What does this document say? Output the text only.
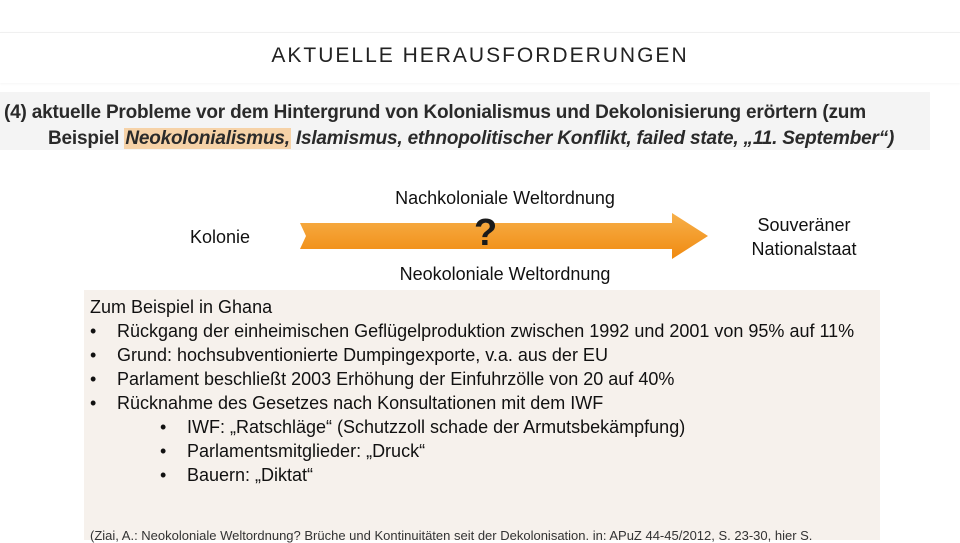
AKTUELLE HERAUSFORDERUNGEN
(4) aktuelle Probleme vor dem Hintergrund von Kolonialismus und Dekolonisierung erörtern (zum
Beispiel Neokolonialismus, Islamismus, ethnopolitischer Konflikt, failed state, „11. September“)
Nachkoloniale Weltordnung
Kolonie	?	Souveräner
Nationalstaat
Neokoloniale Weltordnung
Zum Beispiel in Ghana
• Rückgang der einheimischen Geflügelproduktion zwischen 1992 und 2001 von 95% auf 11%
• Grund: hochsubventionierte Dumpingexporte, v.a. aus der EU
• Parlament beschließt 2003 Erhöhung der Einfuhrzölle von 20 auf 40%
• Rücknahme des Gesetzes nach Konsultationen mit dem IWF
• IWF: „Ratschläge“ (Schutzzoll schade der Armutsbekämpfung)
• Parlamentsmitglieder: „Druck“
• Bauern: „Diktat“
(Ziai, A.: Neokoloniale Weltordnung? Brüche und Kontinuitäten seit der Dekolonisation. in: APuZ 44-45/2012, S. 23-30, hier S.
